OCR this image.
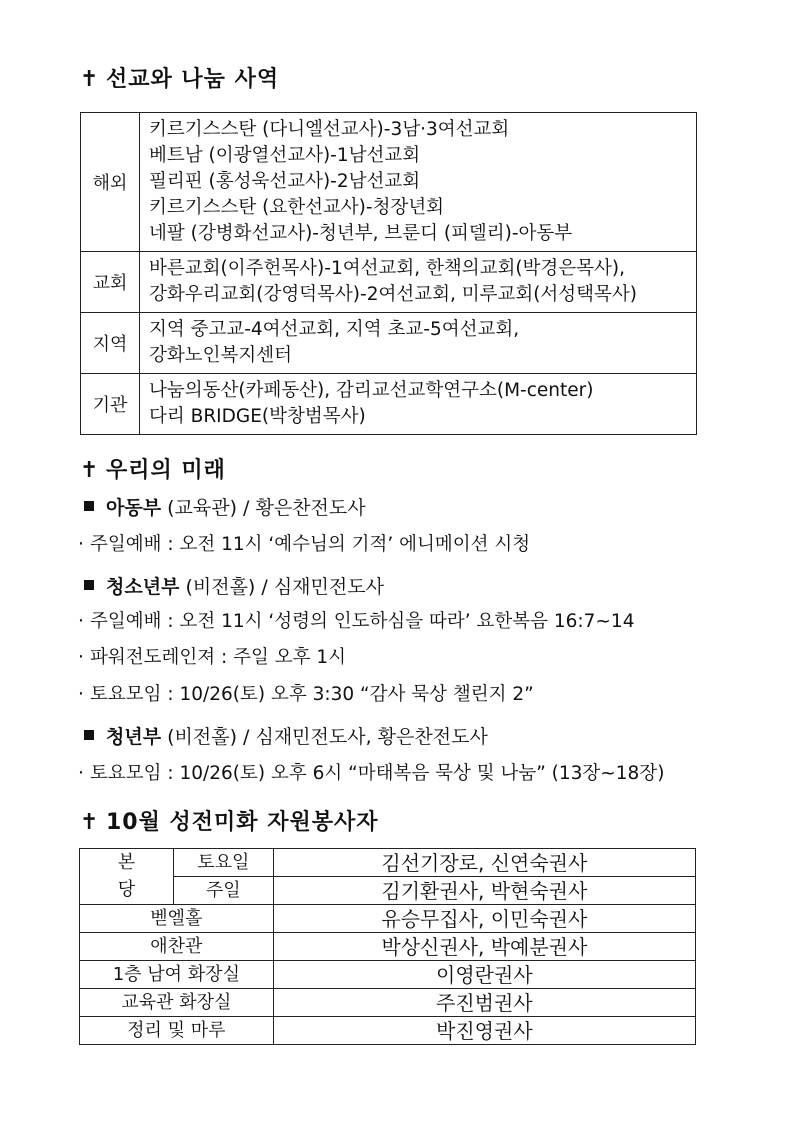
✝ 선교와 나눔 사역
해외	키르기스스탄 (다니엘선교사)-3남·3여선교회
베트남 (이광열선교사)-1남선교회
필리핀 (홍성욱선교사)-2남선교회
키르기스스탄 (요한선교사)-청장년회
네팔 (강병화선교사)-청년부, 브룬디 (피델리)-아동부

교회	바른교회(이주헌목사)-1여선교회, 한책의교회(박경은목사),
강화우리교회(강영덕목사)-2여선교회, 미루교회(서성택목사)

지역	지역 중고교-4여선교회, 지역 초교-5여선교회,
강화노인복지센터

기관	나눔의동산(카페동산), 감리교선교학연구소(M-center)
다리 BRIDGE(박창범목사)
✝ 우리의 미래
아동부 (교육관) / 황은찬전도사
· 주일예배 : 오전 11시 ‘예수님의 기적’ 에니메이션 시청
청소년부 (비전홀) / 심재민전도사
· 주일예배 : 오전 11시 ‘성령의 인도하심을 따라’ 요한복음 16:7~14
· 파워전도레인져 : 주일 오후 1시
· 토요모임 : 10/26(토) 오후 3:30 “감사 묵상 챌린지 2”
청년부 (비전홀) / 심재민전도사, 황은찬전도사
· 토요모임 : 10/26(토) 오후 6시 “마태복음 묵상 및 나눔” (13장~18장)
✝ 10월 성전미화 자원봉사자
본	토요일	김선기장로, 신연숙권사
당	주일	김기환권사, 박현숙권사
벧엘홀		유승무집사, 이민숙권사
애찬관		박상신권사, 박예분권사
1층 남여 화장실		이영란권사
교육관 화장실		주진범권사
정리 및 마루		박진영권사
